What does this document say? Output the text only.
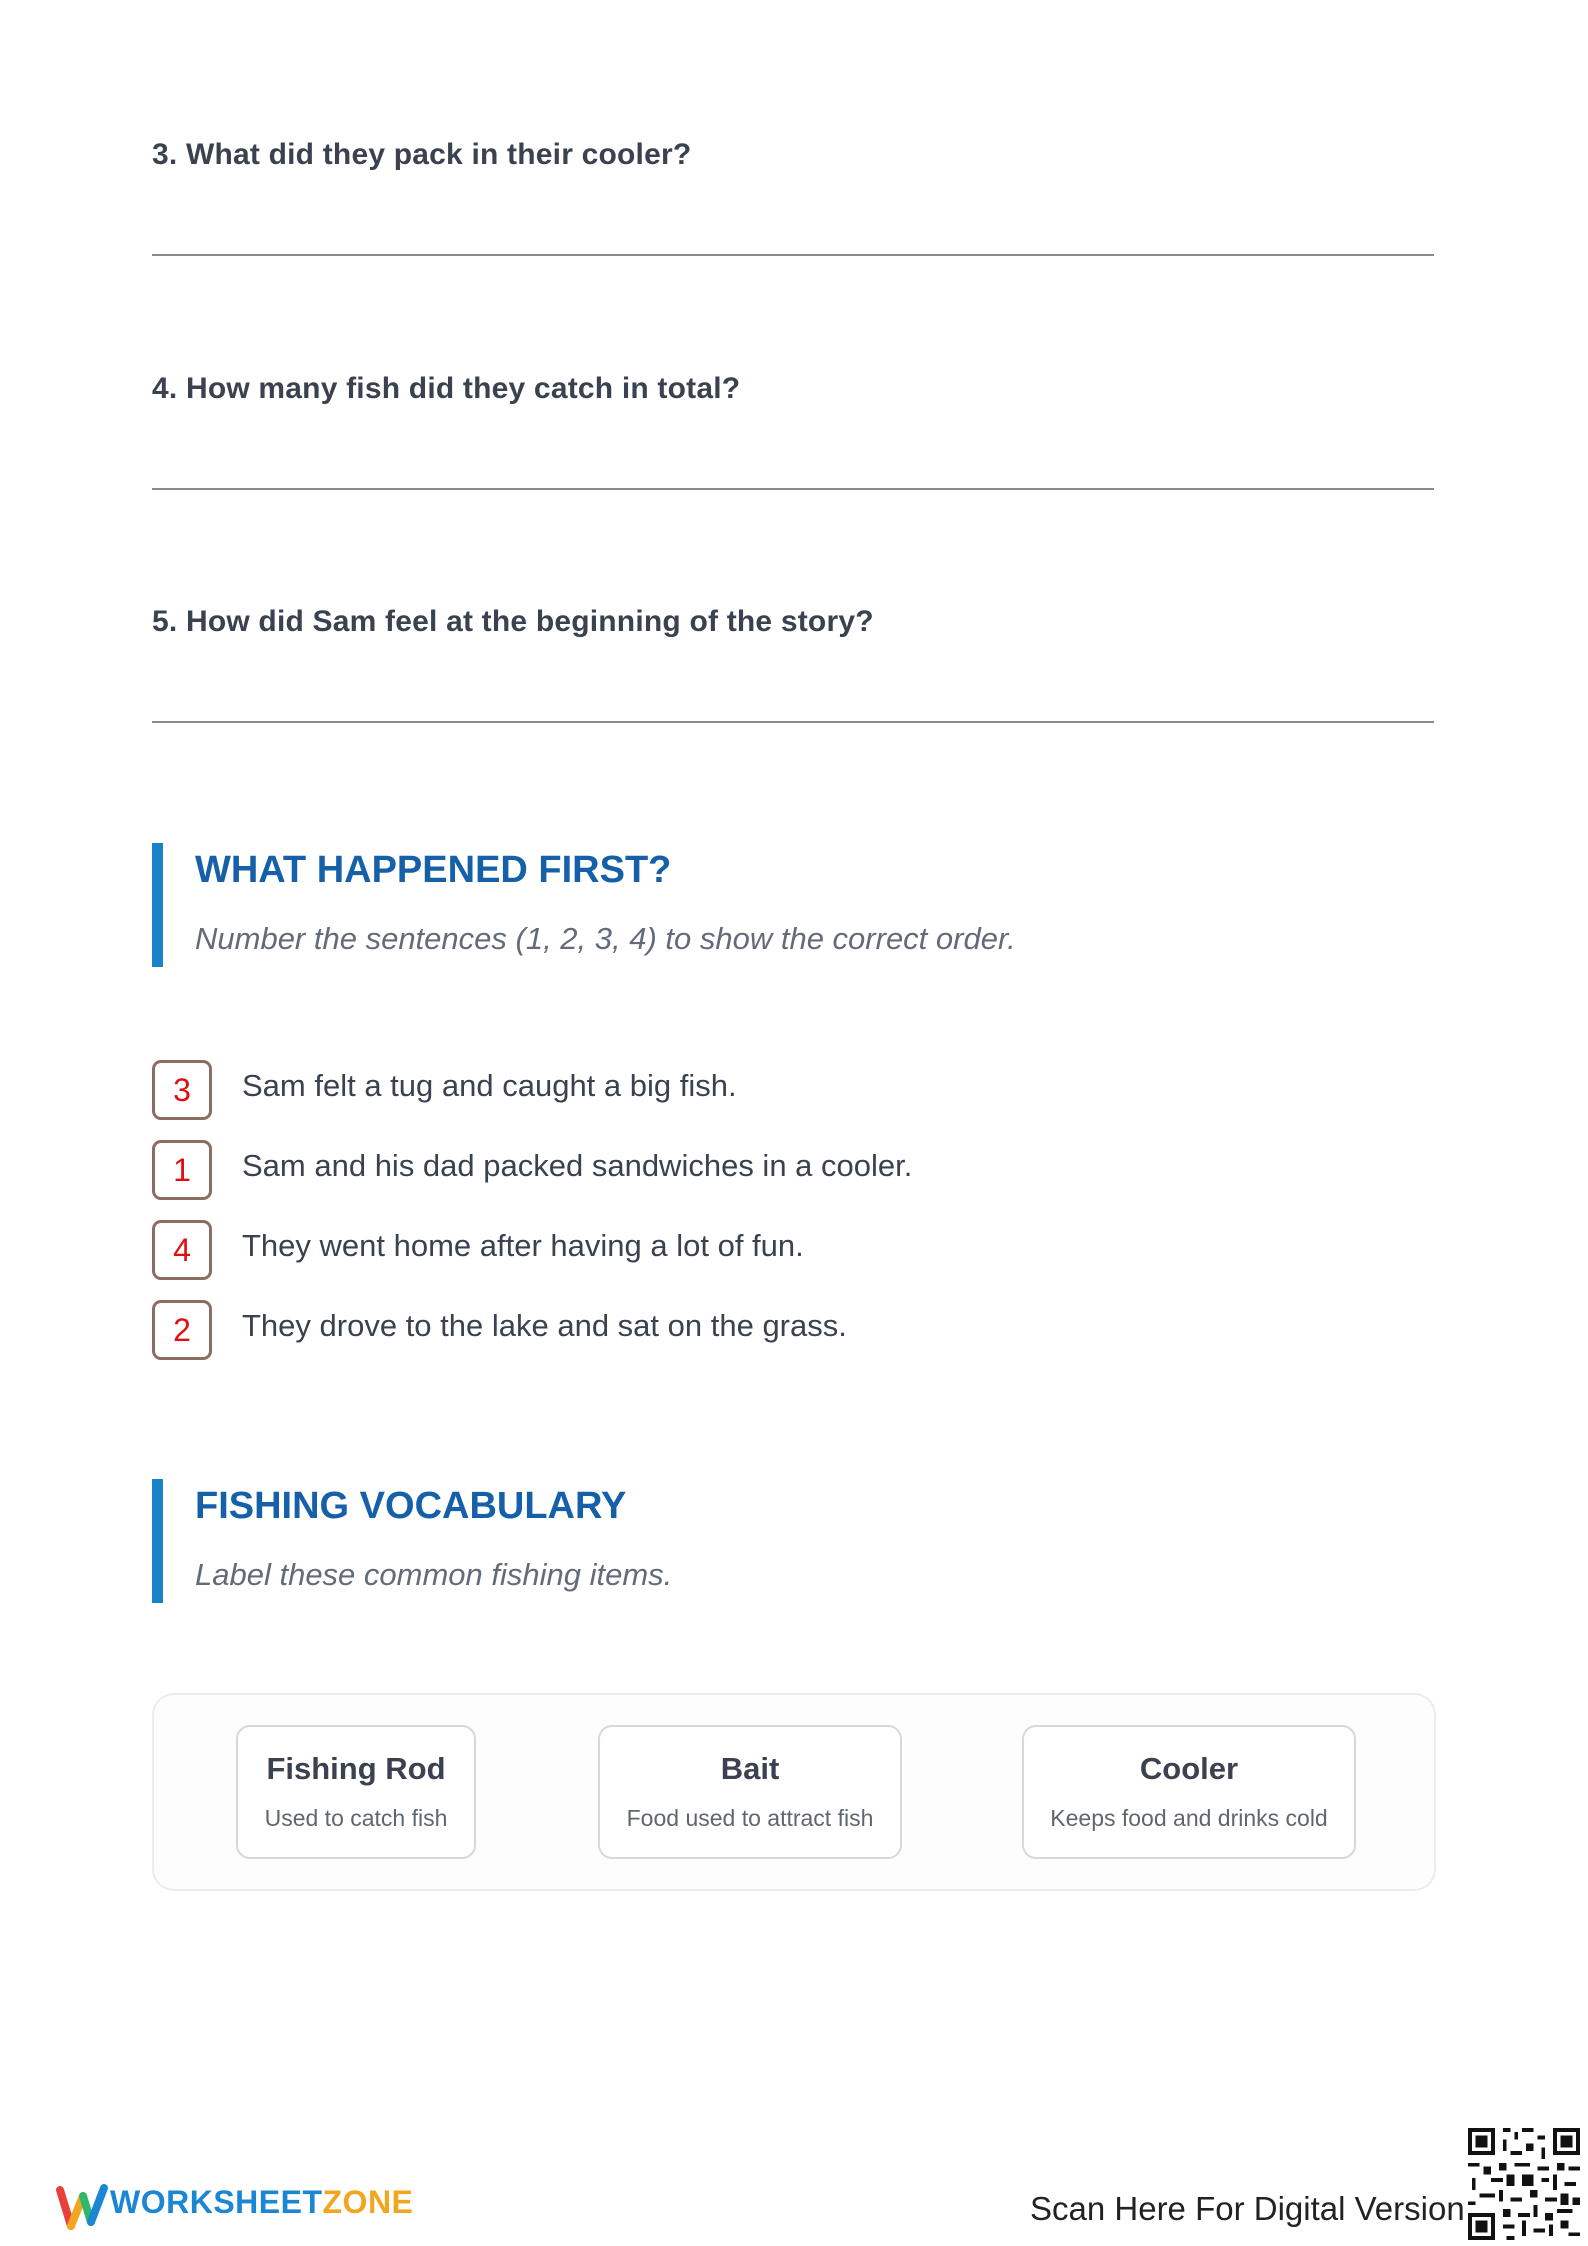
3. What did they pack in their cooler?
4. How many fish did they catch in total?
5. How did Sam feel at the beginning of the story?
WHAT HAPPENED FIRST?
Number the sentences (1, 2, 3, 4) to show the correct order.
3	Sam felt a tug and caught a big fish.
1	Sam and his dad packed sandwiches in a cooler.
4	They went home after having a lot of fun.
2	They drove to the lake and sat on the grass.
FISHING VOCABULARY
Label these common fishing items.
Fishing Rod
Used to catch fish
Bait
Food used to attract fish
Cooler
Keeps food and drinks cold
WORKSHEETZONE	Scan Here For Digital Version
